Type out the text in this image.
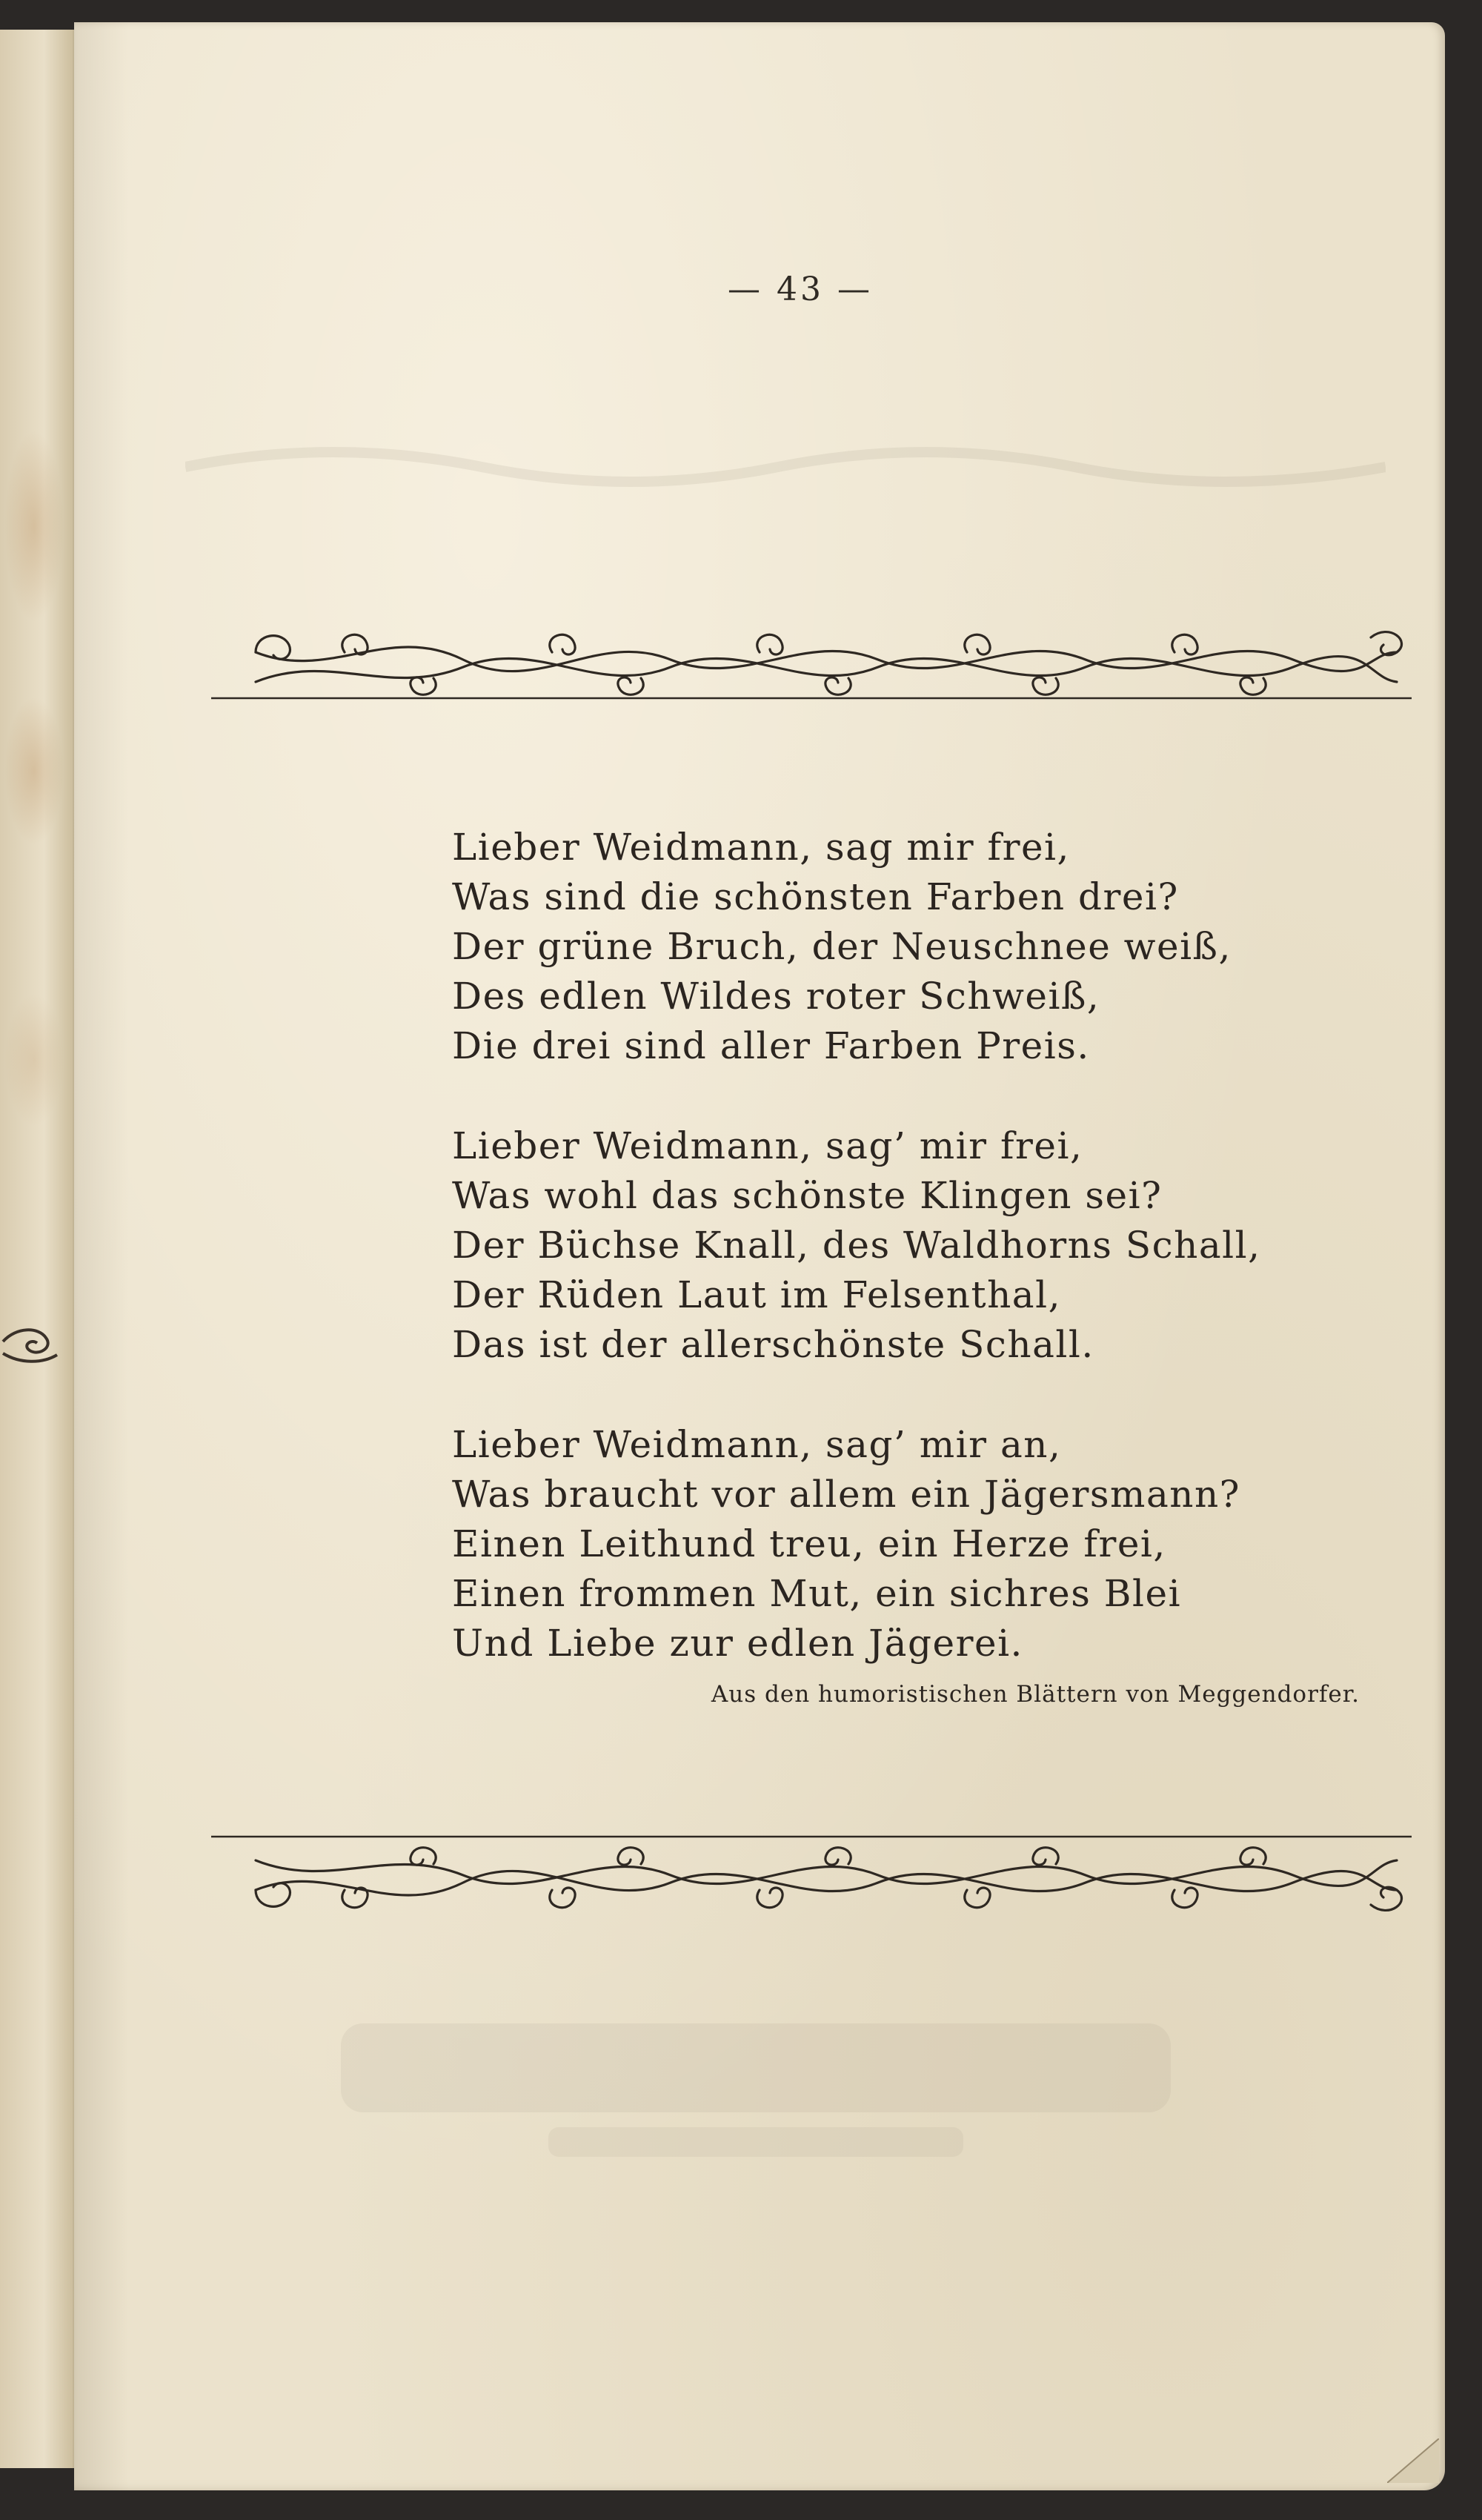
— 43 —
Lieber Weidmann, sag mir frei,
Was sind die schönsten Farben drei?
Der grüne Bruch, der Neuschnee weiß,
Des edlen Wildes roter Schweiß,
Die drei sind aller Farben Preis.
Lieber Weidmann, sag’ mir frei,
Was wohl das schönste Klingen sei?
Der Büchse Knall, des Waldhorns Schall,
Der Rüden Laut im Felsenthal,
Das ist der allerschönste Schall.
Lieber Weidmann, sag’ mir an,
Was braucht vor allem ein Jägersmann?
Einen Leithund treu, ein Herze frei,
Einen frommen Mut, ein sichres Blei
Und Liebe zur edlen Jägerei.
Aus den humoristischen Blättern von Meggendorfer.
